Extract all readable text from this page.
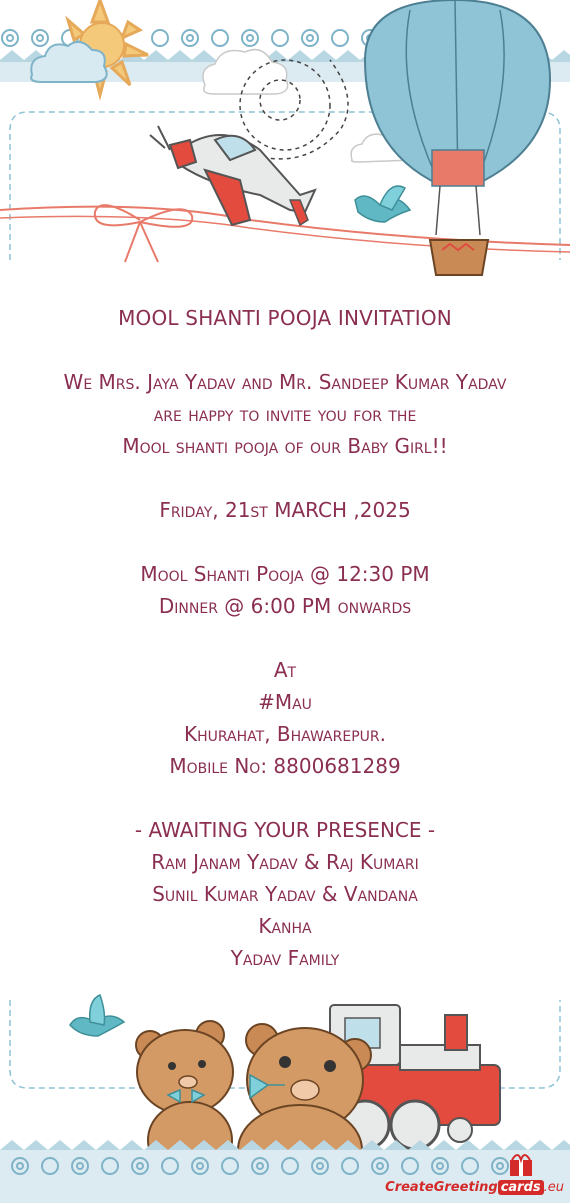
MOOL SHANTI POOJA INVITATION
We Mrs. Jaya Yadav and Mr. Sandeep Kumar Yadav
are happy to invite you for the
Mool shanti pooja of our Baby Girl!!
Friday, 21st MARCH ,2025
Mool Shanti Pooja @ 12:30 PM
Dinner @ 6:00 PM onwards
At
#Mau
Khurahat, Bhawarepur.
Mobile No: 8800681289
- AWAITING YOUR PRESENCE -
Ram Janam Yadav & Raj Kumari
Sunil Kumar Yadav & Vandana
Kanha
Yadav Family
CreateGreeting cards .eu
